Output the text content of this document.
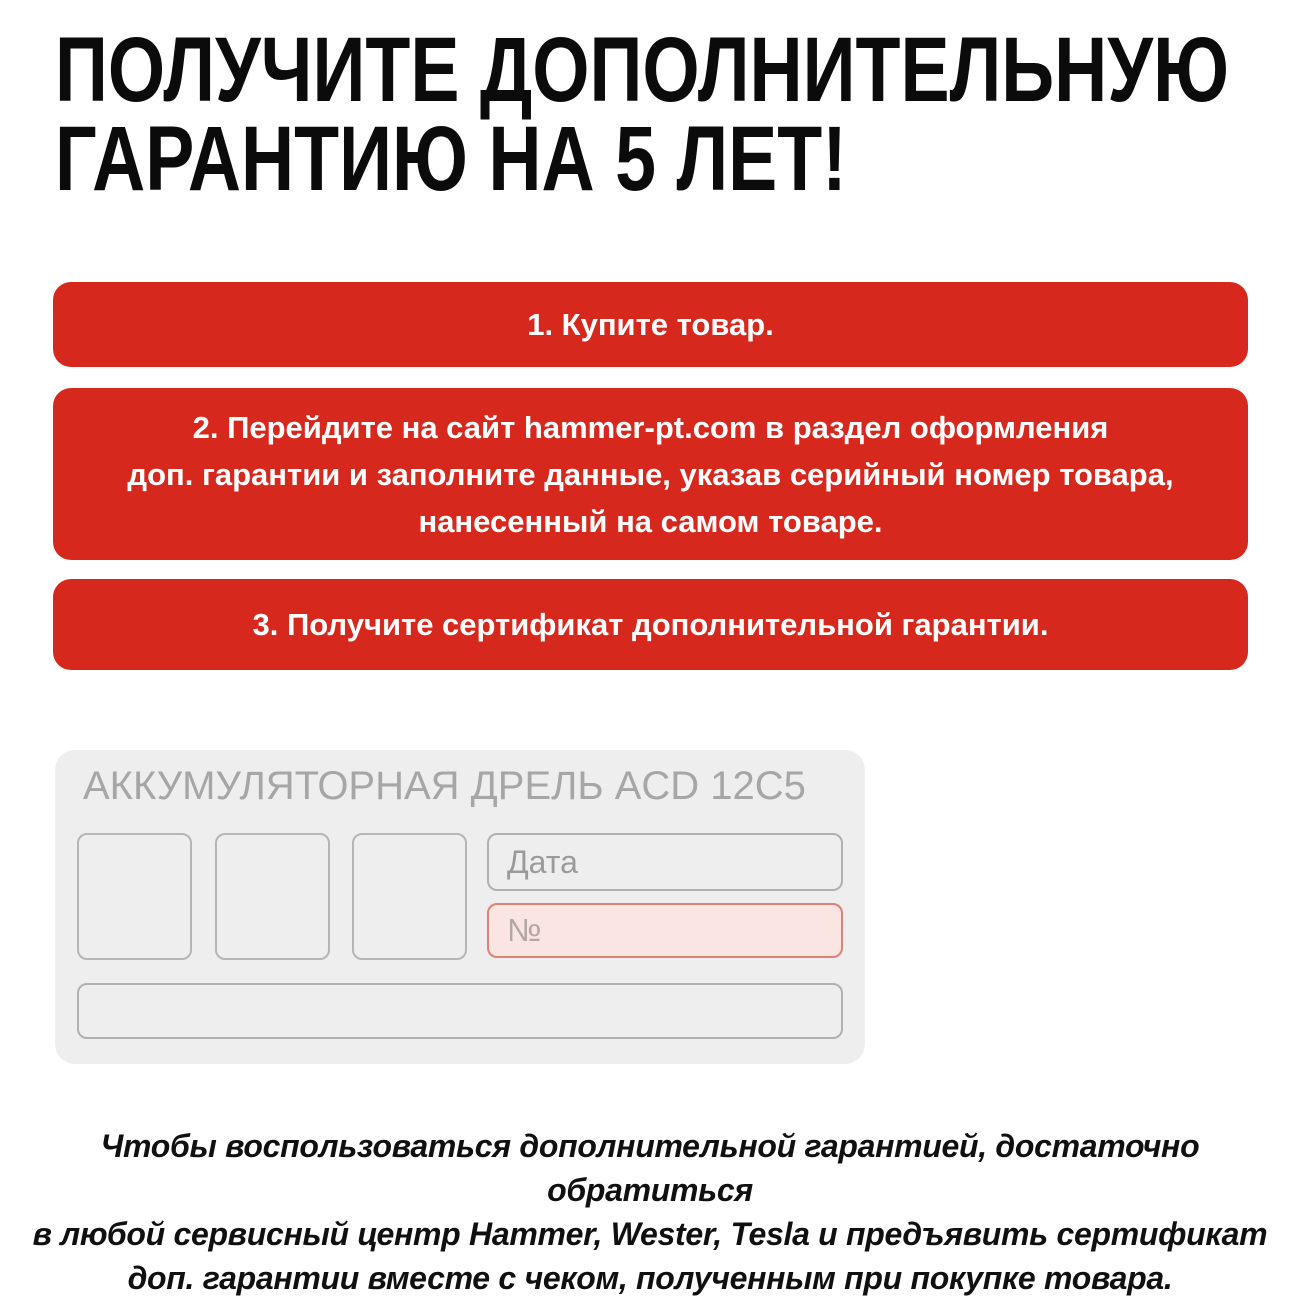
ПОЛУЧИТЕ ДОПОЛНИТЕЛЬНУЮ
ГАРАНТИЮ НА 5 ЛЕТ!

1. Купите товар.

2. Перейдите на сайт hammer-pt.com в раздел оформления
доп. гарантии и заполните данные, указав серийный номер товара,
нанесенный на самом товаре.

3. Получите сертификат дополнительной гарантии.

АККУМУЛЯТОРНАЯ ДРЕЛЬ ACD 12C5
Дата
№

Чтобы воспользоваться дополнительной гарантией, достаточно обратиться
в любой сервисный центр Hammer, Wester, Tesla и предъявить сертификат
доп. гарантии вместе с чеком, полученным при покупке товара.
